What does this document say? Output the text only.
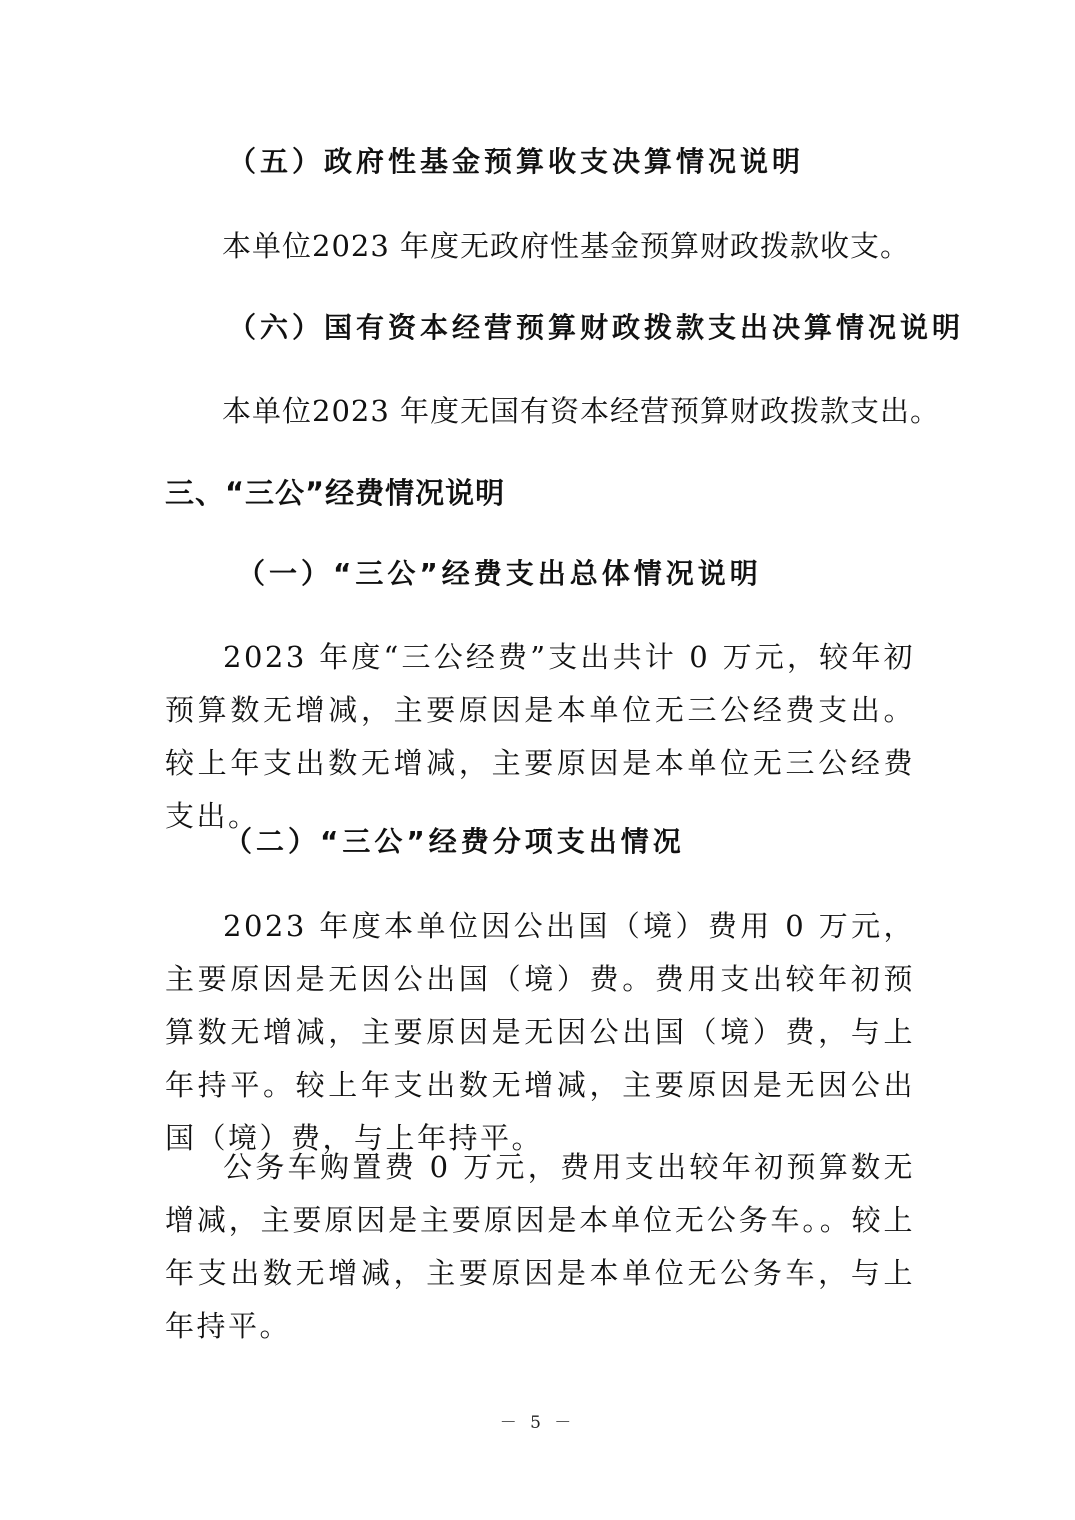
（五）政府性基金预算收支决算情况说明
本单位2023 年度无政府性基金预算财政拨款收支。
（六）国有资本经营预算财政拨款支出决算情况说明
本单位2023 年度无国有资本经营预算财政拨款支出。
三、“三公”经费情况说明
（一）“三公”经费支出总体情况说明

2023 年度“三公经费”支出共计 0 万元，较年初预算数无增减，主要原因是本单位无三公经费支出。较上年支出数无增减，主要原因是本单位无三公经费支出。

（二）“三公”经费分项支出情况

2023 年度本单位因公出国（境）费用 0 万元，主要原因是无因公出国（境）费。费用支出较年初预算数无增减，主要原因是无因公出国（境）费，与上年持平。较上年支出数无增减，主要原因是无因公出国（境）费，与上年持平。

公务车购置费 0 万元，费用支出较年初预算数无增减，主要原因是主要原因是本单位无公务车。。较上年支出数无增减，主要原因是本单位无公务车，与上年持平。

－ 5 －
